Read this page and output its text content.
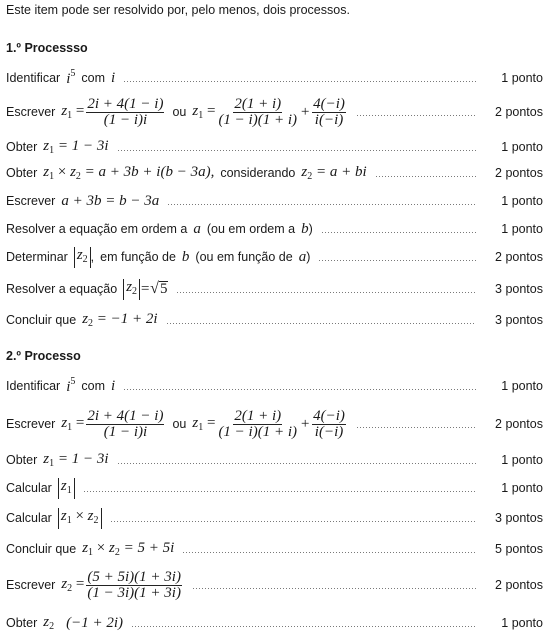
Este item pode ser resolvido por, pelo menos, dois processos.
1.º Processso
Identificar $i^5$ com i	1 ponto
Escrever $z_1 = \frac{2i + 4(1 - i)}{(1 - i)i}$ ou $z_1 = \frac{2(1 + i)}{(1 - i)(1 + i)} + \frac{4(-i)}{i(-i)}$	2 pontos
Obter $z_1 = 1 - 3i$	1 ponto
Obter $z_1 \times z_2 = a + 3b + i(b - 3a)$, considerando $z_2 = a$ + bi	2 pontos
Escrever a + 3b = b − 3a	1 ponto
Resolver a equação em ordem a a (ou em ordem a b )	1 ponto
Determinar $z_2$ , em função de b (ou em função de a )	2 pontos
Resolver a equação $z_2$ = √ 5	3 pontos
Concluir que $z_2 = -1 + 2i$	3 pontos
2.º Processo
Identificar $i^5$ com i	1 ponto
Escrever $z_1 = \frac{2i + 4(1 - i)}{(1 - i)i}$ ou $z_1 = \frac{2(1 + i)}{(1 - i)(1 + i)} + \frac{4(-i)}{i(-i)}$	2 pontos
Obter $z_1 = 1 - 3i$	1 ponto
Calcular $z_1$	1 ponto
Calcular $z_1 \times z_2$	3 pontos
Concluir que $z_1 \times z_2 = 5 + 5i$	5 pontos
Escrever $z_2 = \frac{(5 + 5i)(1 + 3i)}{(1 - 3i)(1 + 3i)}$	2 pontos
Obter $z_2$ (−1 + 2i)	1 ponto
